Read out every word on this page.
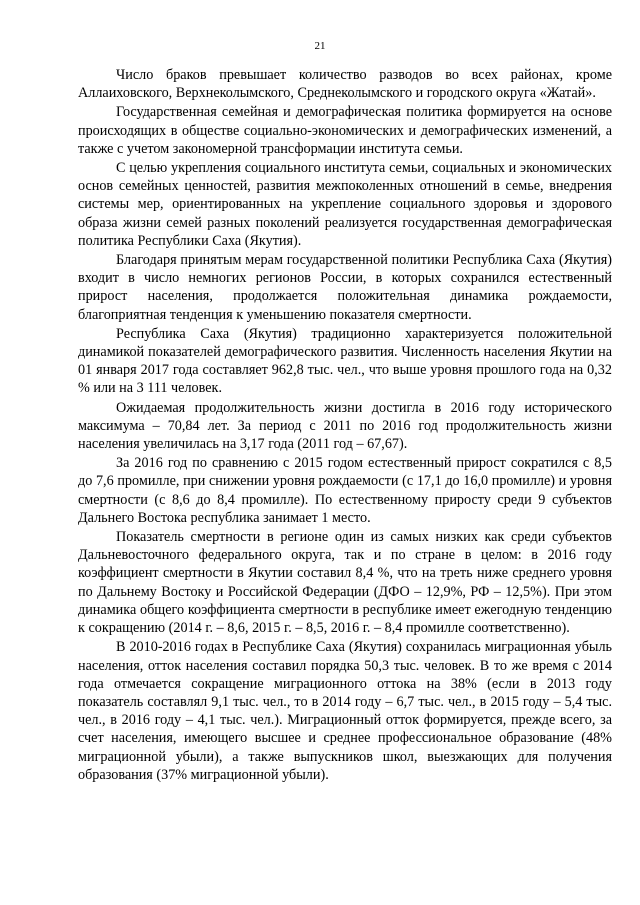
21

Число браков превышает количество разводов во всех районах, кроме Аллаиховского, Верхнеколымского, Среднеколымского и городского округа «Жатай».

Государственная семейная и демографическая политика формируется на основе происходящих в обществе социально-экономических и демографических изменений, а также с учетом закономерной трансформации института семьи.

С целью укрепления социального института семьи, социальных и экономических основ семейных ценностей, развития межпоколенных отношений в семье, внедрения системы мер, ориентированных на укрепление социального здоровья и здорового образа жизни семей разных поколений реализуется государственная демографическая политика Республики Саха (Якутия).

Благодаря принятым мерам государственной политики Республика Саха (Якутия) входит в число немногих регионов России, в которых сохранился естественный прирост населения, продолжается положительная динамика рождаемости, благоприятная тенденция к уменьшению показателя смертности.

Республика Саха (Якутия) традиционно характеризуется положительной динамикой показателей демографического развития. Численность населения Якутии на 01 января 2017 года составляет 962,8 тыс. чел., что выше уровня прошлого года на 0,32 % или на 3 111 человек.

Ожидаемая продолжительность жизни достигла в 2016 году исторического максимума – 70,84 лет. За период с 2011 по 2016 год продолжительность жизни населения увеличилась на 3,17 года (2011 год – 67,67).

За 2016 год по сравнению с 2015 годом естественный прирост сократился с 8,5 до 7,6 промилле, при снижении уровня рождаемости (с 17,1 до 16,0 промилле) и уровня смертности (с 8,6 до 8,4 промилле). По естественному приросту среди 9 субъектов Дальнего Востока республика занимает 1 место.

Показатель смертности в регионе один из самых низких как среди субъектов Дальневосточного федерального округа, так и по стране в целом: в 2016 году коэффициент смертности в Якутии составил 8,4 %, что на треть ниже среднего уровня по Дальнему Востоку и Российской Федерации (ДФО – 12,9%, РФ – 12,5%). При этом динамика общего коэффициента смертности в республике имеет ежегодную тенденцию к сокращению (2014 г. – 8,6, 2015 г. – 8,5, 2016 г. – 8,4 промилле соответственно).

В 2010-2016 годах в Республике Саха (Якутия) сохранилась миграционная убыль населения, отток населения составил порядка 50,3 тыс. человек. В то же время с 2014 года отмечается сокращение миграционного оттока на 38% (если в 2013 году показатель составлял 9,1 тыс. чел., то в 2014 году – 6,7 тыс. чел., в 2015 году – 5,4 тыс. чел., в 2016 году – 4,1 тыс. чел.). Миграционный отток формируется, прежде всего, за счет населения, имеющего высшее и среднее профессиональное образование (48% миграционной убыли), а также выпускников школ, выезжающих для получения образования (37% миграционной убыли).
